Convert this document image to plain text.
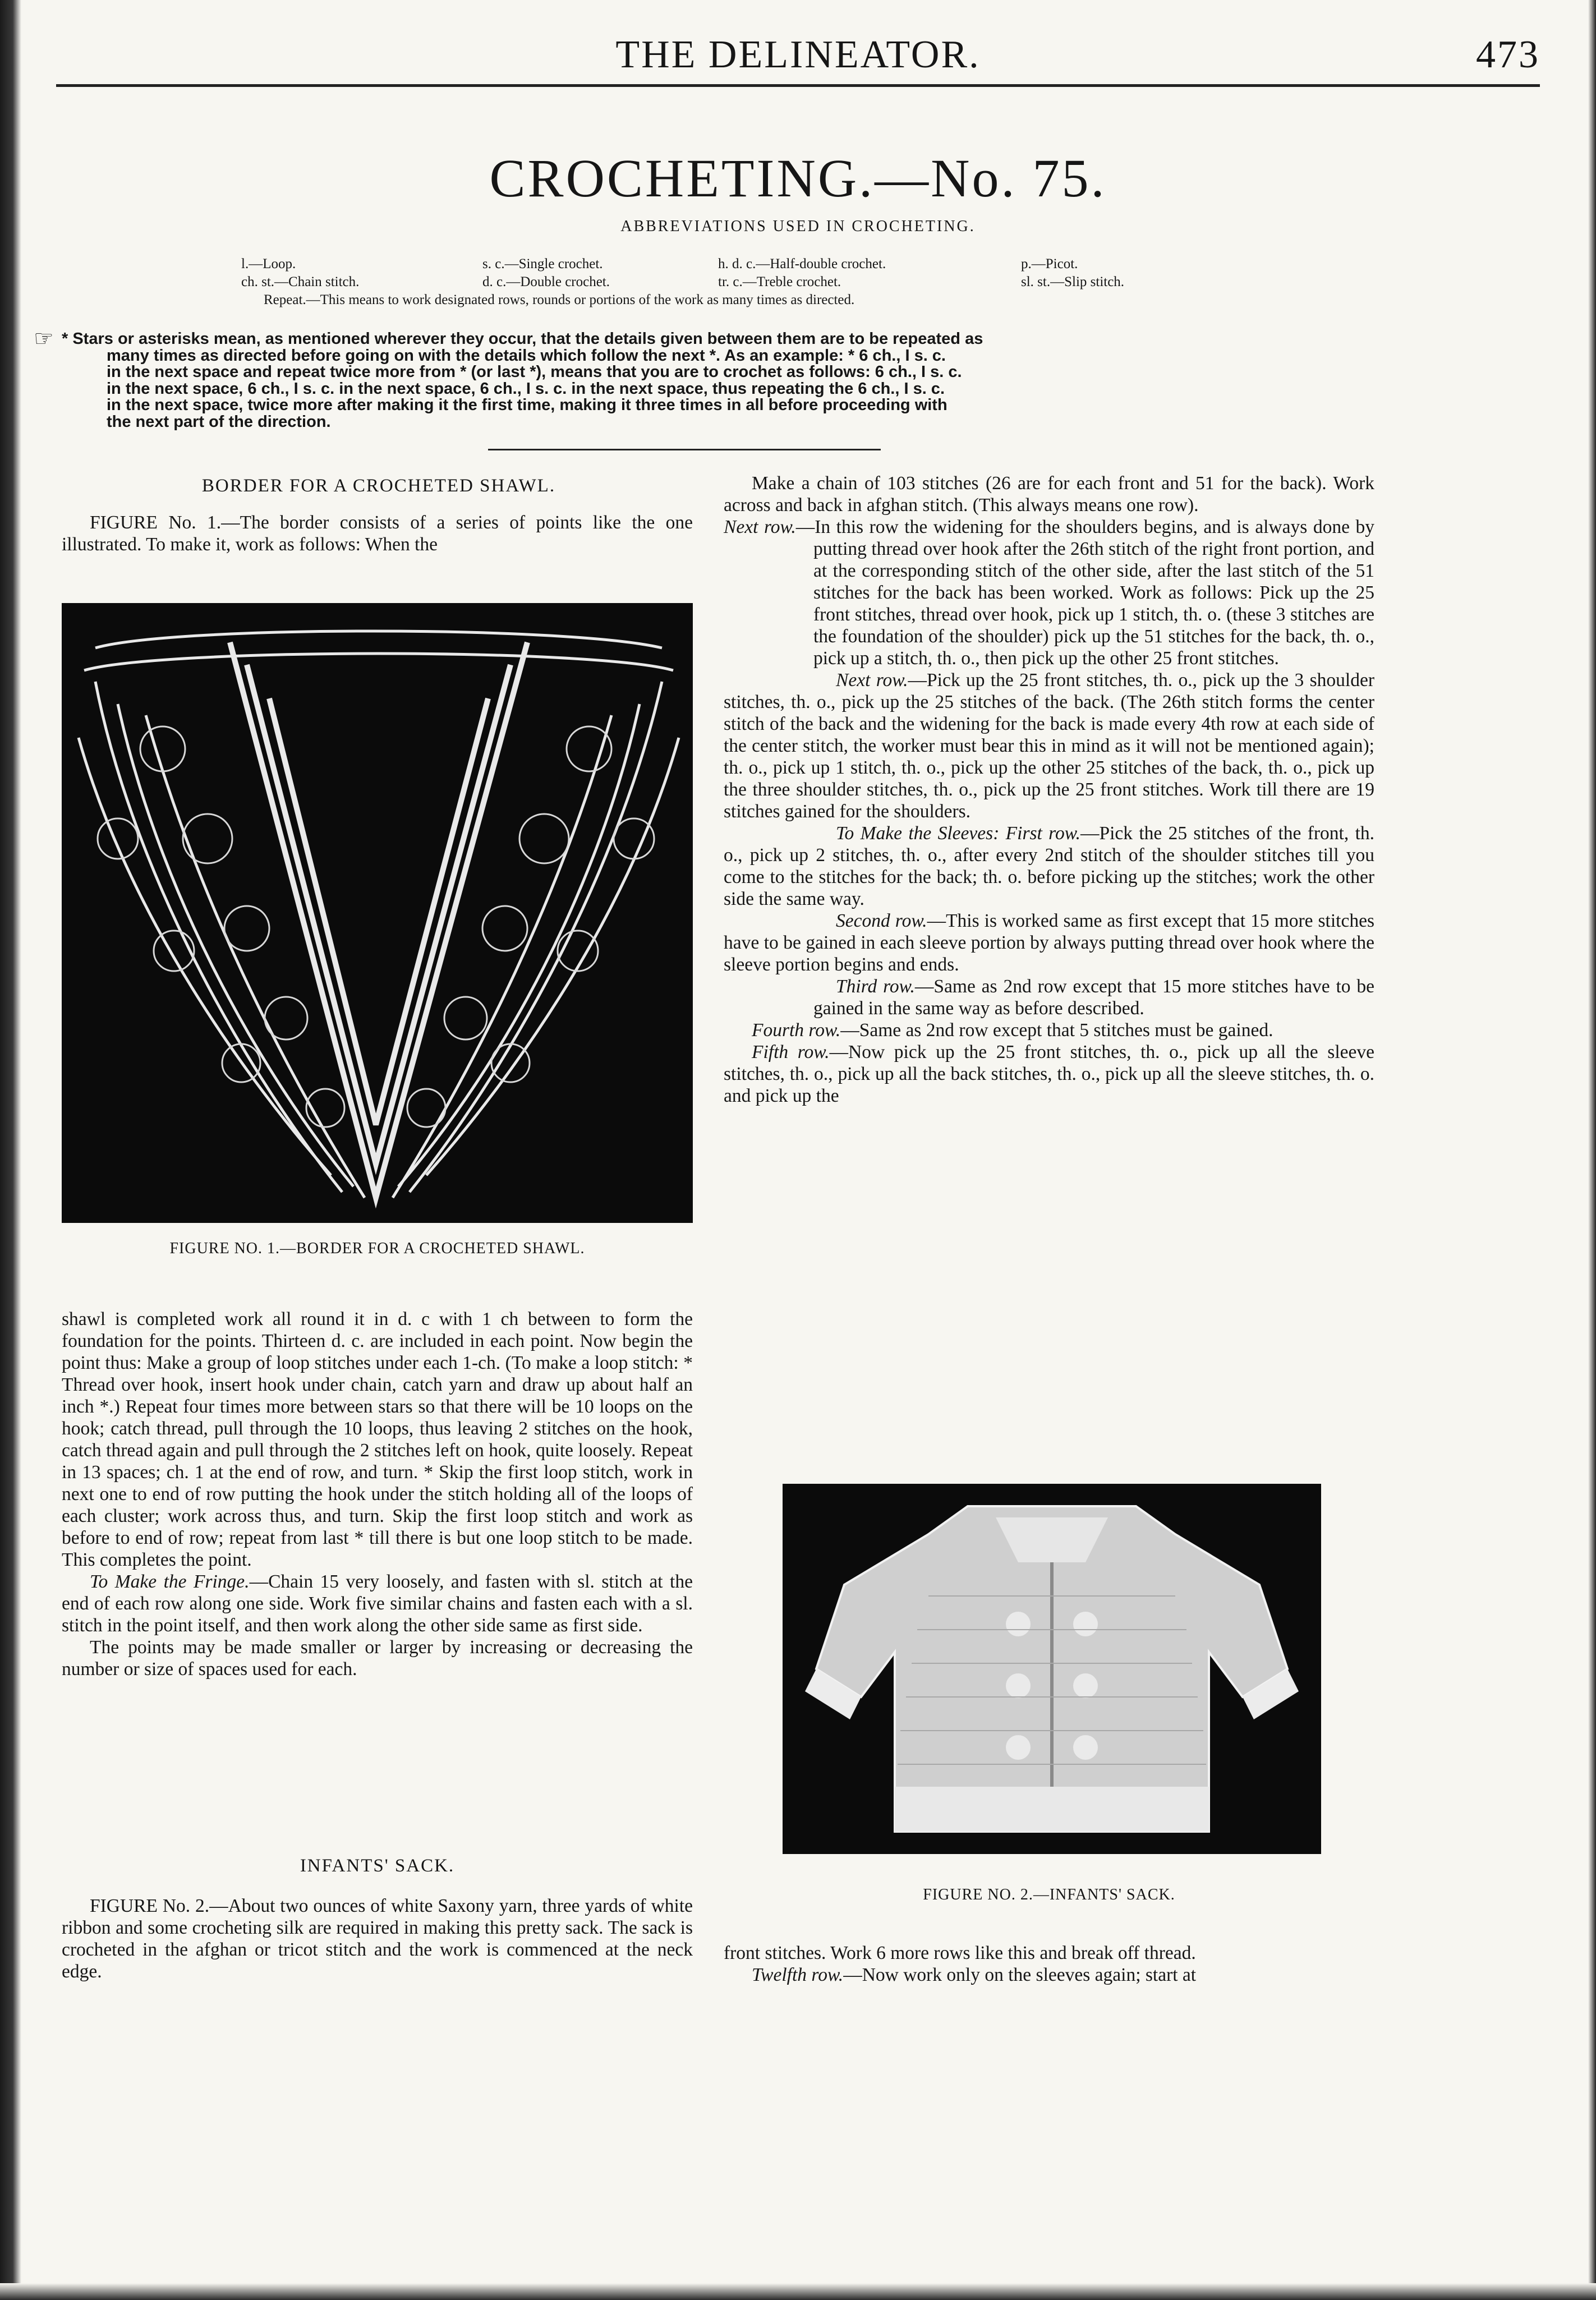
THE DELINEATOR.	473
CROCHETING.—No. 75.
ABBREVIATIONS USED IN CROCHETING.
l.—Loop.
ch. st.—Chain stitch.
s. c.—Single crochet.
d. c.—Double crochet.
h. d. c.—Half-double crochet.
tr. c.—Treble crochet.
p.—Picot.
sl. st.—Slip stitch.
Repeat.—This means to work designated rows, rounds or portions of the work as many times as directed.
☞ * Stars or asterisks mean, as mentioned wherever they occur, that the details given between them are to be repeated as
many times as directed before going on with the details which follow the next *. As an example: * 6 ch., I s. c.
in the next space and repeat twice more from * (or last *), means that you are to crochet as follows: 6 ch., I s. c.
in the next space, 6 ch., I s. c. in the next space, 6 ch., I s. c. in the next space, thus repeating the 6 ch., I s. c.
in the next space, twice more after making it the first time, making it three times in all before proceeding with
the next part of the direction.
BORDER FOR A CROCHETED SHAWL.

FIGURE No. 1.—The border consists of a series of points like the one illustrated. To make it, work as follows: When the

FIGURE NO. 1.—BORDER FOR A CROCHETED SHAWL.

shawl is completed work all round it in d. c with 1 ch between to form the foundation for the points. Thirteen d. c. are included in each point. Now begin the point thus: Make a group of loop stitches under each 1-ch. (To make a loop stitch: * Thread over hook, insert hook under chain, catch yarn and draw up about half an inch *.) Repeat four times more between stars so that there will be 10 loops on the hook; catch thread, pull through the 10 loops, thus leaving 2 stitches on the hook, catch thread again and pull through the 2 stitches left on hook, quite loosely. Repeat in 13 spaces; ch. 1 at the end of row, and turn. * Skip the first loop stitch, work in next one to end of row putting the hook under the stitch holding all of the loops of each cluster; work across thus, and turn. Skip the first loop stitch and work as before to end of row; repeat from last * till there is but one loop stitch to be made. This completes the point.

To Make the Fringe.—Chain 15 very loosely, and fasten with sl. stitch at the end of each row along one side. Work five similar chains and fasten each with a sl. stitch in the point itself, and then work along the other side same as first side.

The points may be made smaller or larger by increasing or decreasing the number or size of spaces used for each.

INFANTS' SACK.

FIGURE No. 2.—About two ounces of white Saxony yarn, three yards of white ribbon and some crocheting silk are required in making this pretty sack. The sack is crocheted in the afghan or tricot stitch and the work is commenced at the neck edge.

Make a chain of 103 stitches (26 are for each front and 51 for the back). Work across and back in afghan stitch. (This always means one row).

Next row.—In this row the widening for the shoulders begins, and is always done by putting thread over hook after the 26th stitch of the right front portion, and at the corresponding stitch of the other side, after the last stitch of the 51 stitches for the back has been worked. Work as follows: Pick up the 25 front stitches, thread over hook, pick up 1 stitch, th. o. (these 3 stitches are the foundation of the shoulder) pick up the 51 stitches for the back, th. o., pick up a stitch, th. o., then pick up the other 25 front stitches.

Next row.—Pick up the 25 front stitches, th. o., pick up the 3 shoulder stitches, th. o., pick up the 25 stitches of the back. (The 26th stitch forms the center stitch of the back and the widening for the back is made every 4th row at each side of the center stitch, the worker must bear this in mind as it will not be mentioned again); th. o., pick up 1 stitch, th. o., pick up the other 25 stitches of the back, th. o., pick up the three shoulder stitches, th. o., pick up the 25 front stitches. Work till there are 19 stitches gained for the shoulders.

To Make the Sleeves: First row.—Pick the 25 stitches of the front, th. o., pick up 2 stitches, th. o., after every 2nd stitch of the shoulder stitches till you come to the stitches for the back; th. o. before picking up the stitches; work the other side the same way.

Second row.—This is worked same as first except that 15 more stitches have to be gained in each sleeve portion by always putting thread over hook where the sleeve portion begins and ends.

Third row.—Same as 2nd row except that 15 more stitches have to be gained in the same way as before described.

Fourth row.—Same as 2nd row except that 5 stitches must be gained.

Fifth row.—Now pick up the 25 front stitches, th. o., pick up all the sleeve stitches, th. o., pick up all the back stitches, th. o., pick up all the sleeve stitches, th. o. and pick up the

FIGURE NO. 2.—INFANTS' SACK.

front stitches. Work 6 more rows like this and break off thread.

Twelfth row.—Now work only on the sleeves again; start at
